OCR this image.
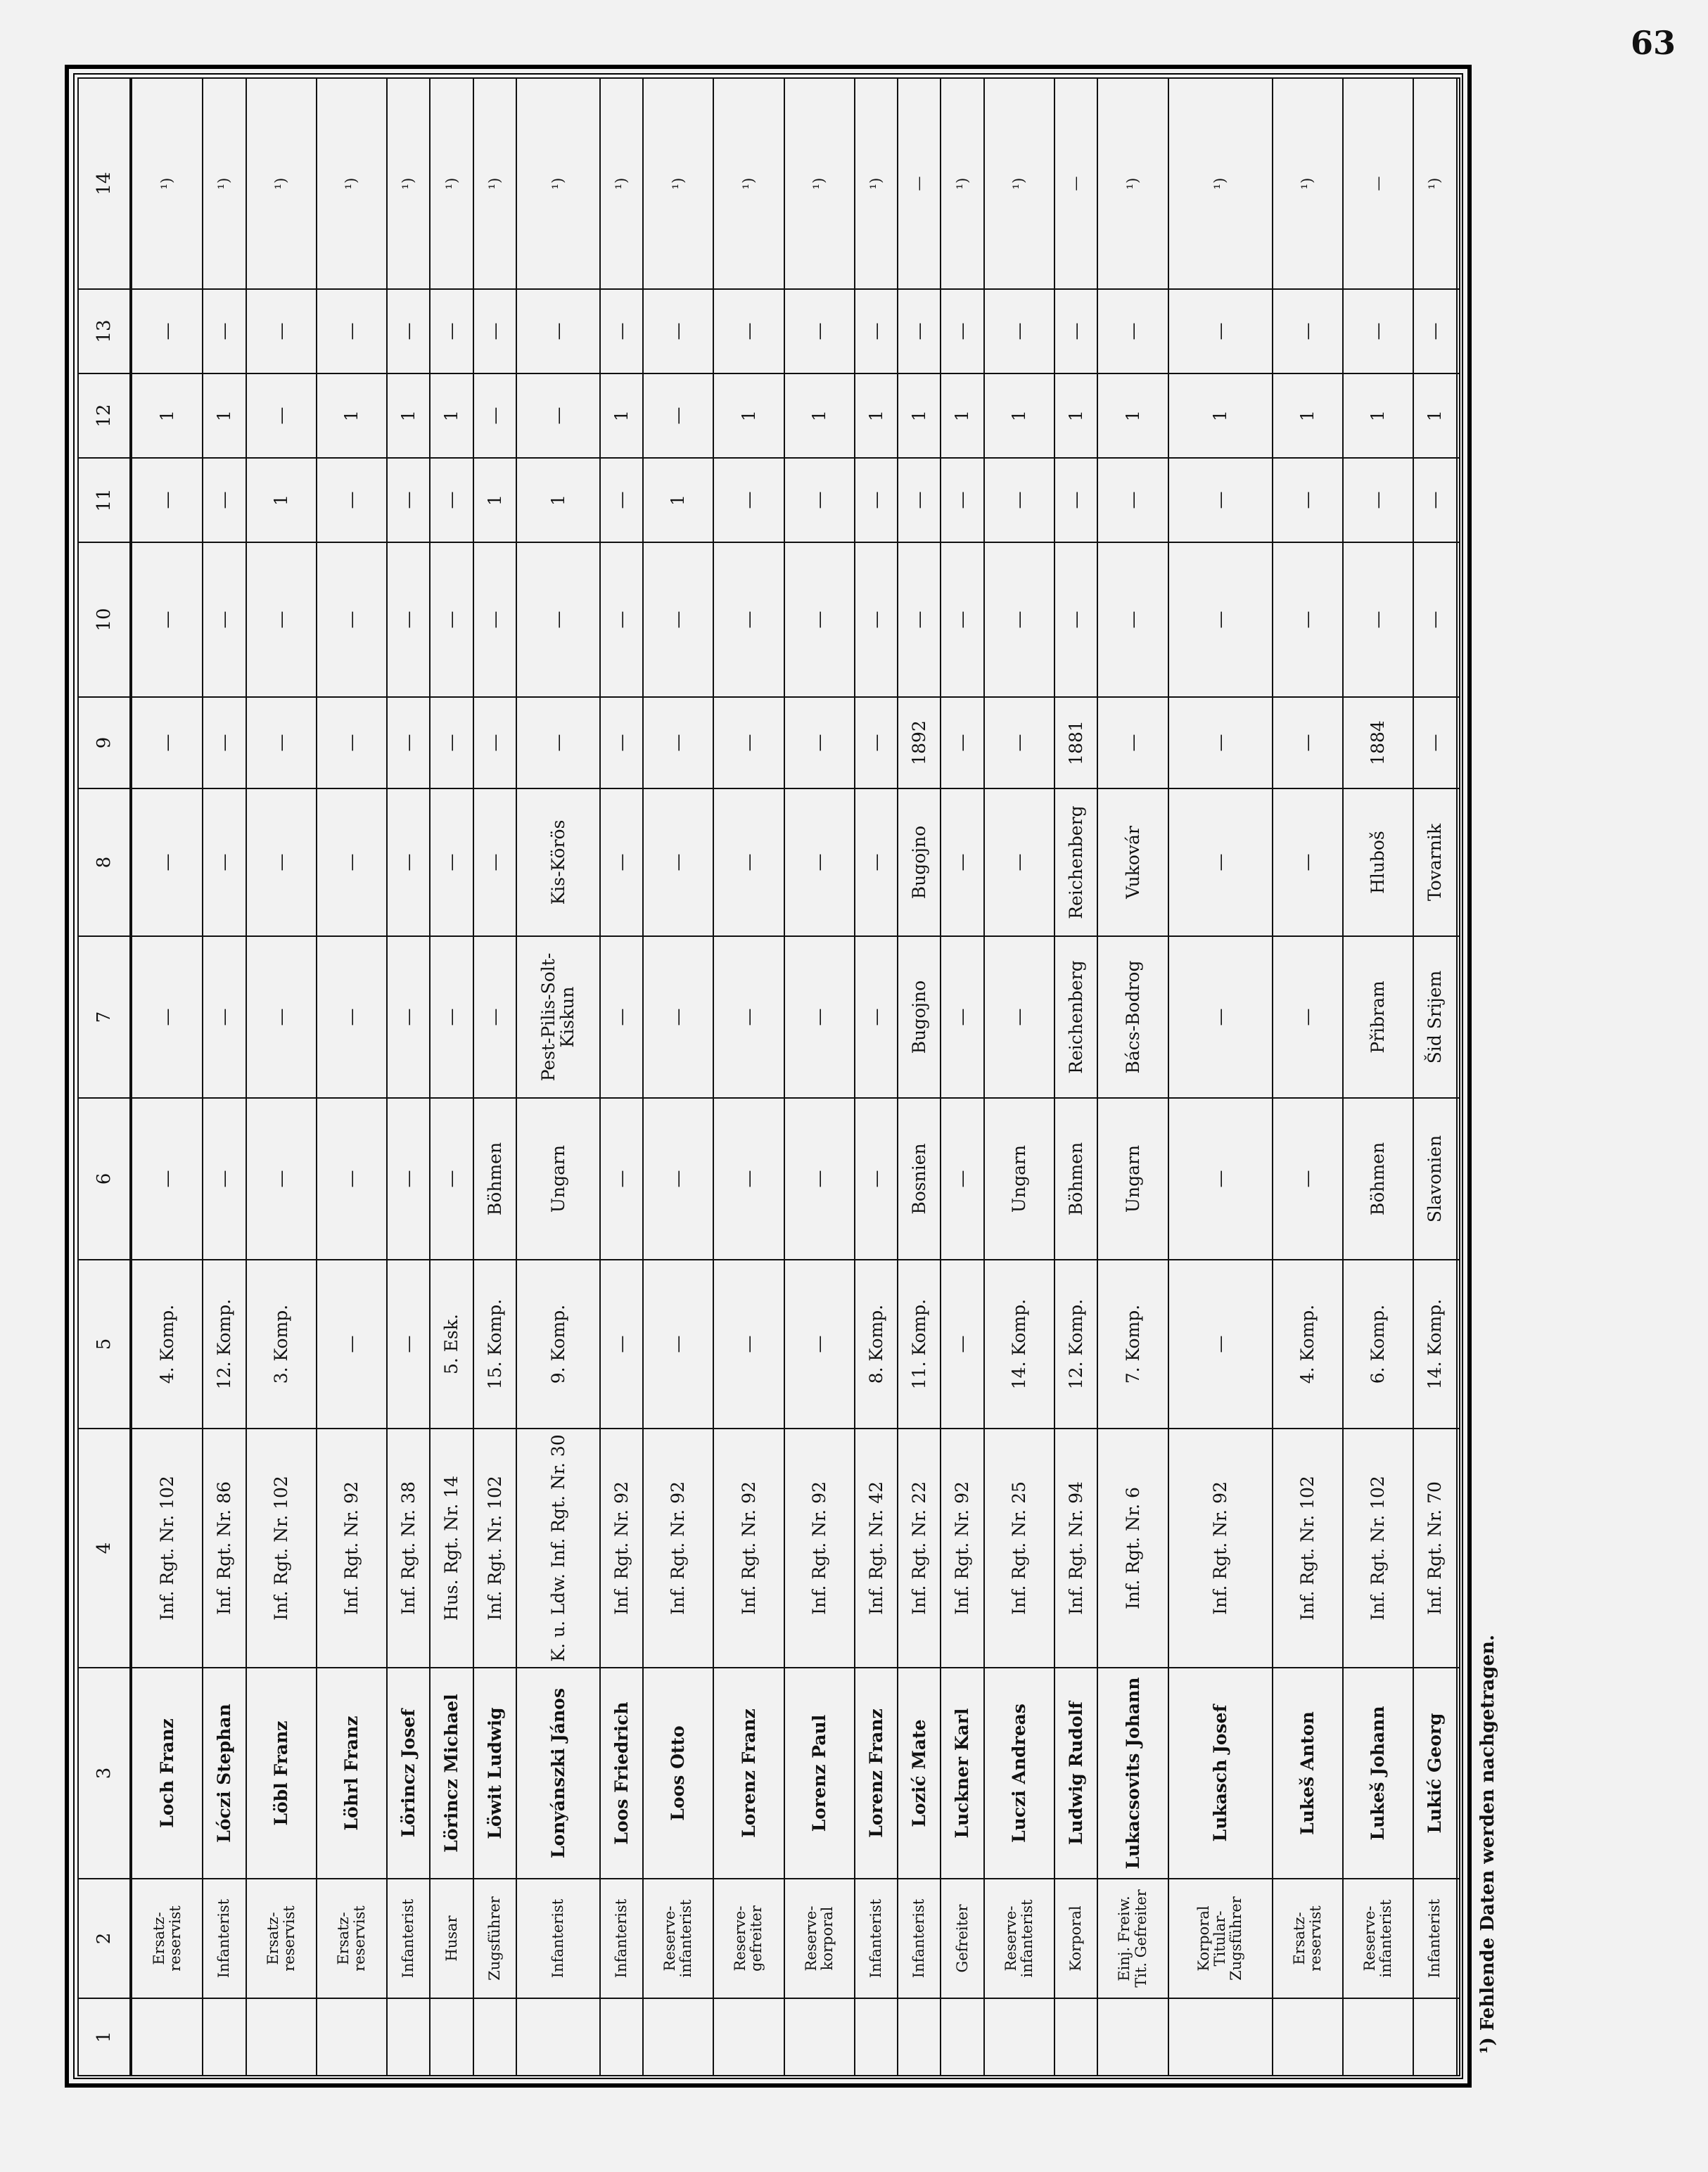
63
1	2	3	4	5	6	7	8	9	10	11	12	13	14
	Ersatz-reservist	Loch Franz	Inf. Rgt. Nr. 102	4. Komp.	—	—	—	—	—	—	1	—	¹)
	Infanterist	Lóczi Stephan	Inf. Rgt. Nr. 86	12. Komp.	—	—	—	—	—	—	1	—	¹)
	Ersatz-reservist	Löbl Franz	Inf. Rgt. Nr. 102	3. Komp.	—	—	—	—	—	1	—	—	¹)
	Ersatz-reservist	Löhrl Franz	Inf. Rgt. Nr. 92	—	—	—	—	—	—	—	1	—	¹)
	Infanterist	Lörincz Josef	Inf. Rgt. Nr. 38	—	—	—	—	—	—	—	1	—	¹)
	Husar	Lörincz Michael	Hus. Rgt. Nr. 14	5. Esk.	—	—	—	—	—	—	1	—	¹)
	Zugsführer	Löwit Ludwig	Inf. Rgt. Nr. 102	15. Komp.	Böhmen	—	—	—	—	1	—	—	¹)
	Infanterist	Lonyánszki János	K. u. Ldw. Inf. Rgt. Nr. 30	9. Komp.	Ungarn	Pest-Pilis-Solt-Kiskun	Kis-Körös	—	—	1	—	—	¹)
	Infanterist	Loos Friedrich	Inf. Rgt. Nr. 92	—	—	—	—	—	—	—	1	—	¹)
	Reserve-infanterist	Loos Otto	Inf. Rgt. Nr. 92	—	—	—	—	—	—	1	—	—	¹)
	Reserve-gefreiter	Lorenz Franz	Inf. Rgt. Nr. 92	—	—	—	—	—	—	—	1	—	¹)
	Reserve-korporal	Lorenz Paul	Inf. Rgt. Nr. 92	—	—	—	—	—	—	—	1	—	¹)
	Infanterist	Lorenz Franz	Inf. Rgt. Nr. 42	8. Komp.	—	—	—	—	—	—	1	—	¹)
	Infanterist	Lozić Mate	Inf. Rgt. Nr. 22	11. Komp.	Bosnien	Bugojno	Bugojno	1892	—	—	1	—	—
	Gefreiter	Luckner Karl	Inf. Rgt. Nr. 92	—	—	—	—	—	—	—	1	—	¹)
	Reserve-infanterist	Luczi Andreas	Inf. Rgt. Nr. 25	14. Komp.	Ungarn	—	—	—	—	—	1	—	¹)
	Korporal	Ludwig Rudolf	Inf. Rgt. Nr. 94	12. Komp.	Böhmen	Reichenberg	Reichenberg	1881	—	—	1	—	—
	Einj. Freiw. Tit. Gefreiter	Lukacsovits Johann	Inf. Rgt. Nr. 6	7. Komp.	Ungarn	Bács-Bodrog	Vukovár	—	—	—	1	—	¹)
	Korporal Titular-Zugsführer	Lukasch Josef	Inf. Rgt. Nr. 92	—	—	—	—	—	—	—	1	—	¹)
	Ersatz-reservist	Lukeš Anton	Inf. Rgt. Nr. 102	4. Komp.	—	—	—	—	—	—	1	—	¹)
	Reserve-infanterist	Lukeš Johann	Inf. Rgt. Nr. 102	6. Komp.	Böhmen	Přibram	Hluboš	1884	—	—	1	—	—
	Infanterist	Lukić Georg	Inf. Rgt. Nr. 70	14. Komp.	Slavonien	Šid Srijem	Tovarnik	—	—	—	1	—	¹)

¹) Fehlende Daten werden nachgetragen.
